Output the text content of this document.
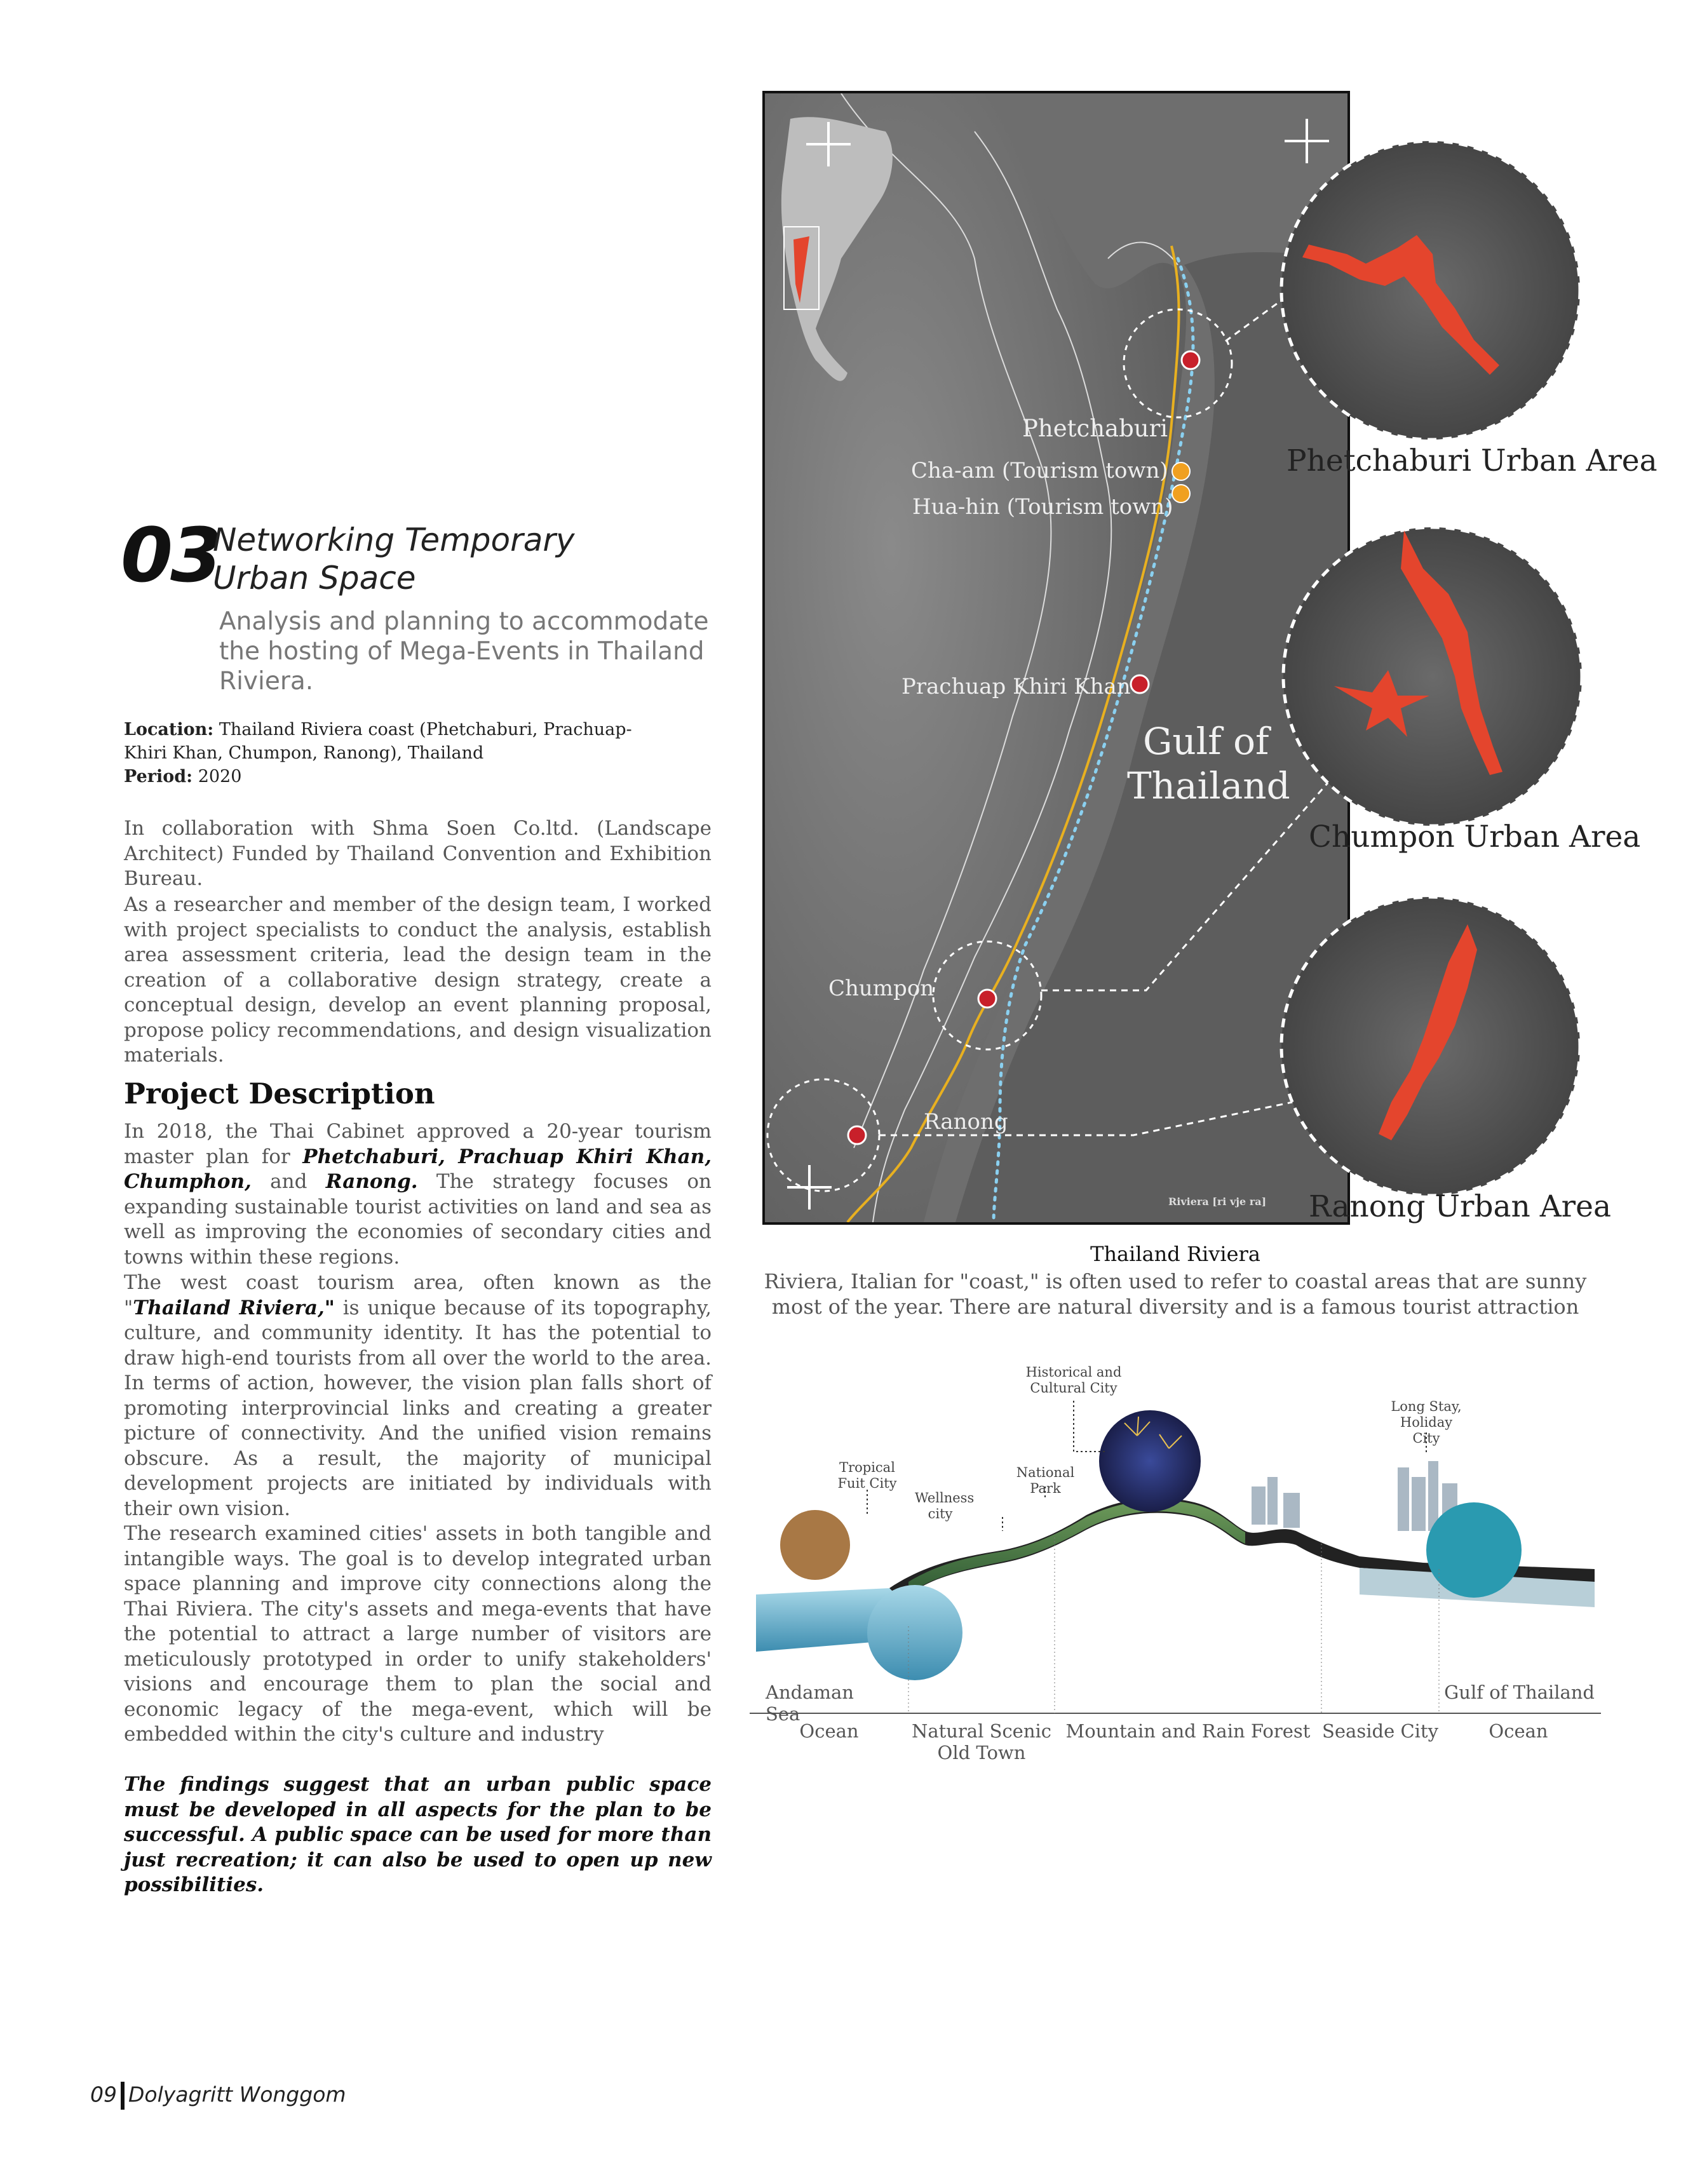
03
Networking Temporary
Urban Space
Analysis and planning to accommodate the hosting of Mega-Events in Thailand Riviera.
Location: Thailand Riviera coast (Phetchaburi, Prachuap-Khiri Khan, Chumpon, Ranong), Thailand
Period: 2020
In collaboration with Shma Soen Co.ltd. (Landscape Architect) Funded by Thailand Convention and Exhibition Bureau.
As a researcher and member of the design team, I worked with project specialists to conduct the analysis, establish area assessment criteria, lead the design team in the creation of a collaborative design strategy, create a conceptual design, develop an event planning proposal, propose policy recommendations, and design visualization materials.
Project Description
In 2018, the Thai Cabinet approved a 20-year tourism master plan for Phetchaburi, Prachuap Khiri Khan, Chumphon, and Ranong. The strategy focuses on expanding sustainable tourist activities on land and sea as well as improving the economies of secondary cities and towns within these regions.
The west coast tourism area, often known as the "Thailand Riviera," is unique because of its topography, culture, and community identity. It has the potential to draw high-end tourists from all over the world to the area. In terms of action, however, the vision plan falls short of promoting interprovincial links and creating a greater picture of connectivity. And the unified vision remains obscure. As a result, the majority of municipal development projects are initiated by individuals with their own vision.
The research examined cities' assets in both tangible and intangible ways. The goal is to develop integrated urban space planning and improve city connections along the Thai Riviera. The city's assets and mega-events that have the potential to attract a large number of visitors are meticulously prototyped in order to unify stakeholders' visions and encourage them to plan the social and economic legacy of the mega-event, which will be embedded within the city's culture and industry
The findings suggest that an urban public space must be developed in all aspects for the plan to be successful. A public space can be used for more than just recreation; it can also be used to open up new possibilities.
09 Dolyagritt Wonggom
Phetchaburi
Cha-am (Tourism town)
Hua-hin (Tourism town)
Prachuap Khiri Khan
Gulf of
Thailand
Chumpon
Ranong
Riviera [ri vje ra]
Phetchaburi Urban Area
Chumpon Urban Area
Ranong Urban Area
Thailand Riviera
Riviera, Italian for "coast," is often used to refer to coastal areas that are sunny most of the year. There are natural diversity and is a famous tourist attraction
Historical and Cultural City
Tropical Fuit City
Wellness city
National Park
Long Stay, Holiday City
Andaman Sea
Gulf of Thailand
Ocean	Natural Scenic
Old Town
Mountain and Rain Forest Seaside City	Ocean
